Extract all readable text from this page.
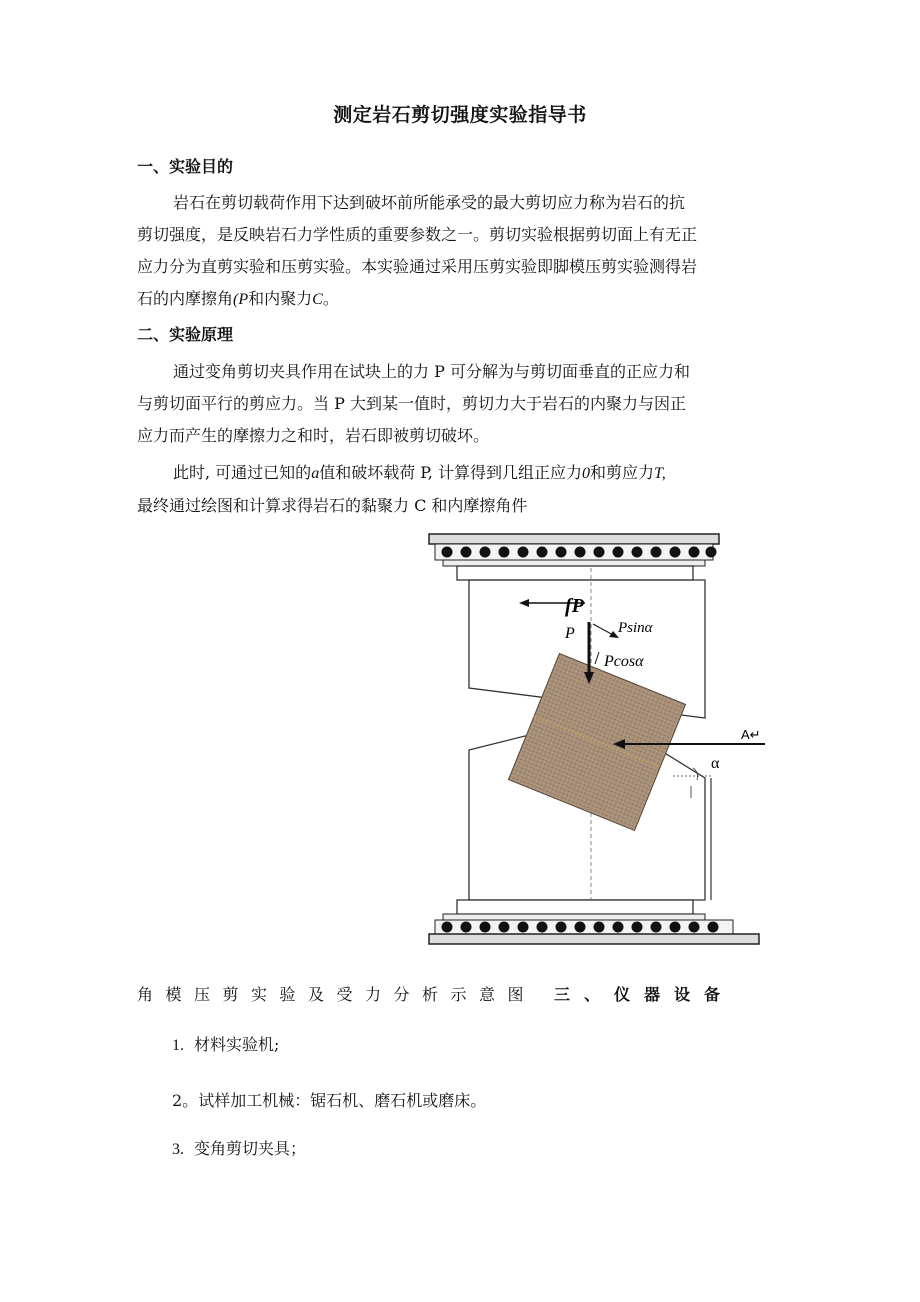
测定岩石剪切强度实验指导书
一、实验目的
岩石在剪切载荷作用下达到破坏前所能承受的最大剪切应力称为岩石的抗
剪切强度，是反映岩石力学性质的重要参数之一。剪切实验根据剪切面上有无正
应力分为直剪实验和压剪实验。本实验通过采用压剪实验即脚模压剪实验测得岩
石的内摩擦角(P和内聚力C。
二、实验原理
通过变角剪切夹具作用在试块上的力 P 可分解为与剪切面垂直的正应力和
与剪切面平行的剪应力。当 P 大到某一值时，剪切力大于岩石的内聚力与因正
应力而产生的摩擦力之和时，岩石即被剪切破坏。
此时, 可通过已知的a值和破坏载荷 P, 计算得到几组正应力0和剪应力T,
最终通过绘图和计算求得岩石的黏聚力 C 和内摩擦角件
fP
P	Psinα
Pcosα
A↵
α
角模压剪实验及受力分析示意图 三、仪器设备
1. 材料实验机;
2。试样加工机械：锯石机、磨石机或磨床。
3. 变角剪切夹具；
